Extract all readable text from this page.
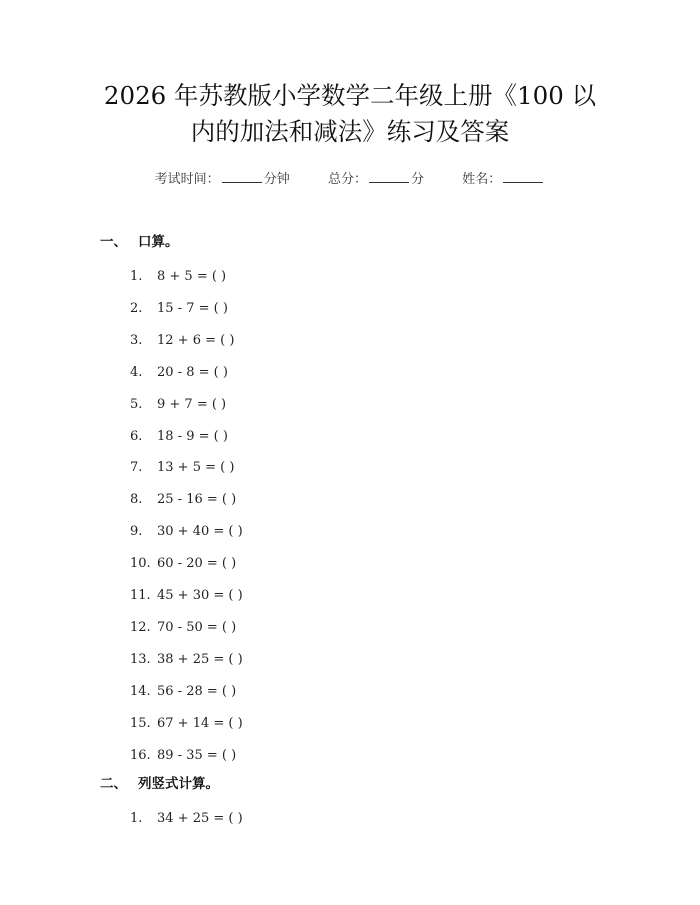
2026 年苏教版小学数学二年级上册《100 以
内的加法和减法》练习及答案
考试时间：	分钟	总分：	分	姓名：
一、 口算。
1. 8 + 5 = ( )
2. 15 - 7 = ( )
3. 12 + 6 = ( )
4. 20 - 8 = ( )
5. 9 + 7 = ( )
6. 18 - 9 = ( )
7. 13 + 5 = ( )
8. 25 - 16 = ( )
9. 30 + 40 = ( )
10. 60 - 20 = ( )
11. 45 + 30 = ( )
12. 70 - 50 = ( )
13. 38 + 25 = ( )
14. 56 - 28 = ( )
15. 67 + 14 = ( )
16. 89 - 35 = ( )
二、 列竖式计算。
1. 34 + 25 = ( )
